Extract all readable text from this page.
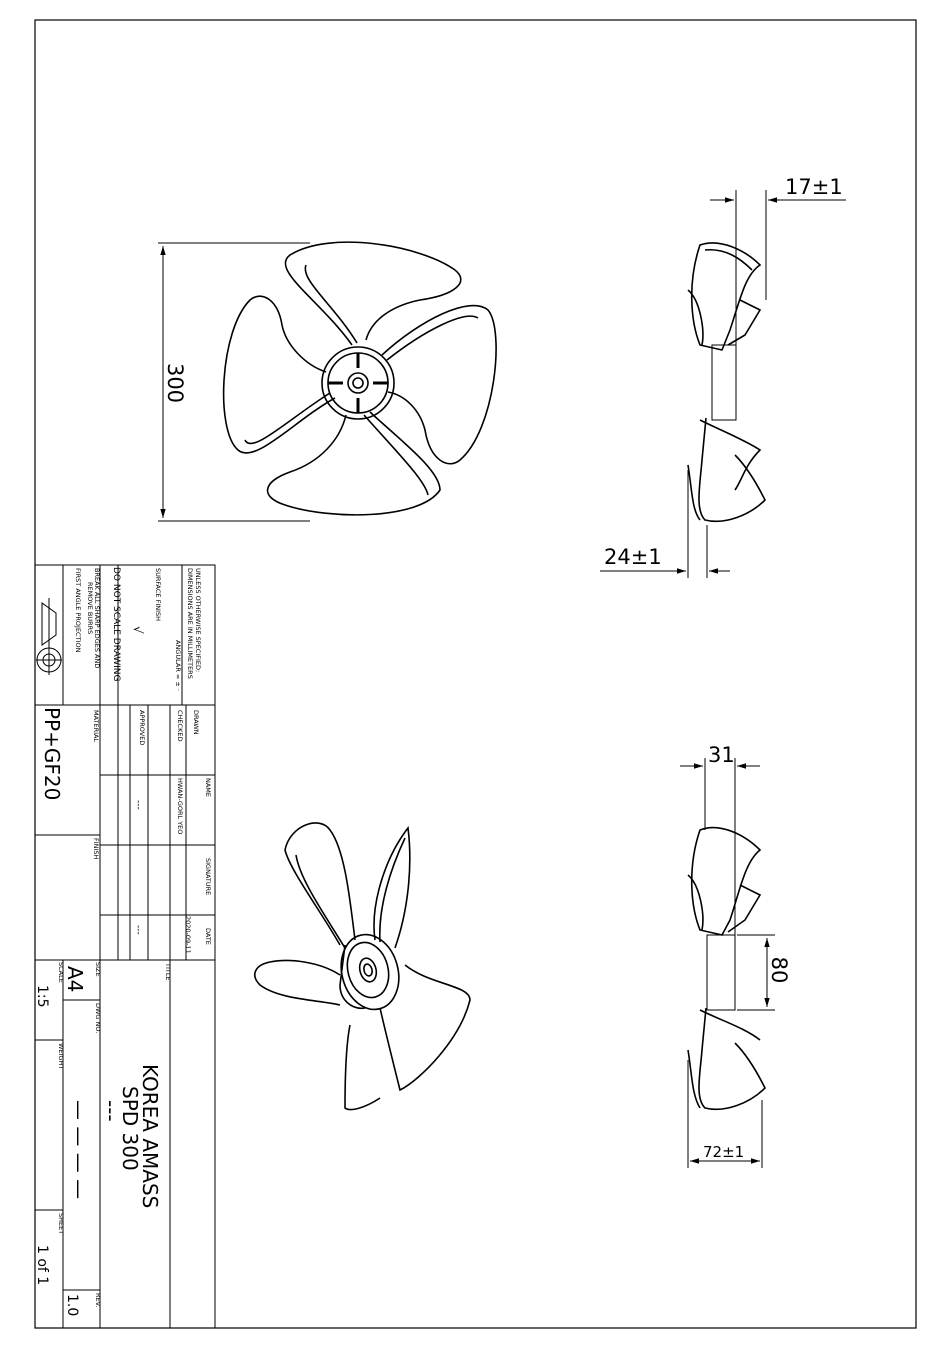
300
17±1
24±1
31
80
72±1
UNLESS OTHERWISE SPECIFIED:
DIMENSIONS ARE IN MILLIMETERS
ANGULAR = ± ·
SURFACE FINISH
√
DO NOT SCALE DRAWING
BREAK ALL SHARP EDGES AND
REMOVE BURRS
FIRST ANGLE PROJECTION
NAME
SIGNATURE
DATE
DRAWN
CHECKED
APPROVED
MATERIAL
FINISH
HWAN-GORL YEO
2020-09-11
---
---
PP+GF20
TITLE
KOREA AMASS
SPD 300
---
SIZE
A4
DWG NO.
— — — —
REV.
1.0
SCALE
1:5
WEIGHT
SHEET
1 of 1
